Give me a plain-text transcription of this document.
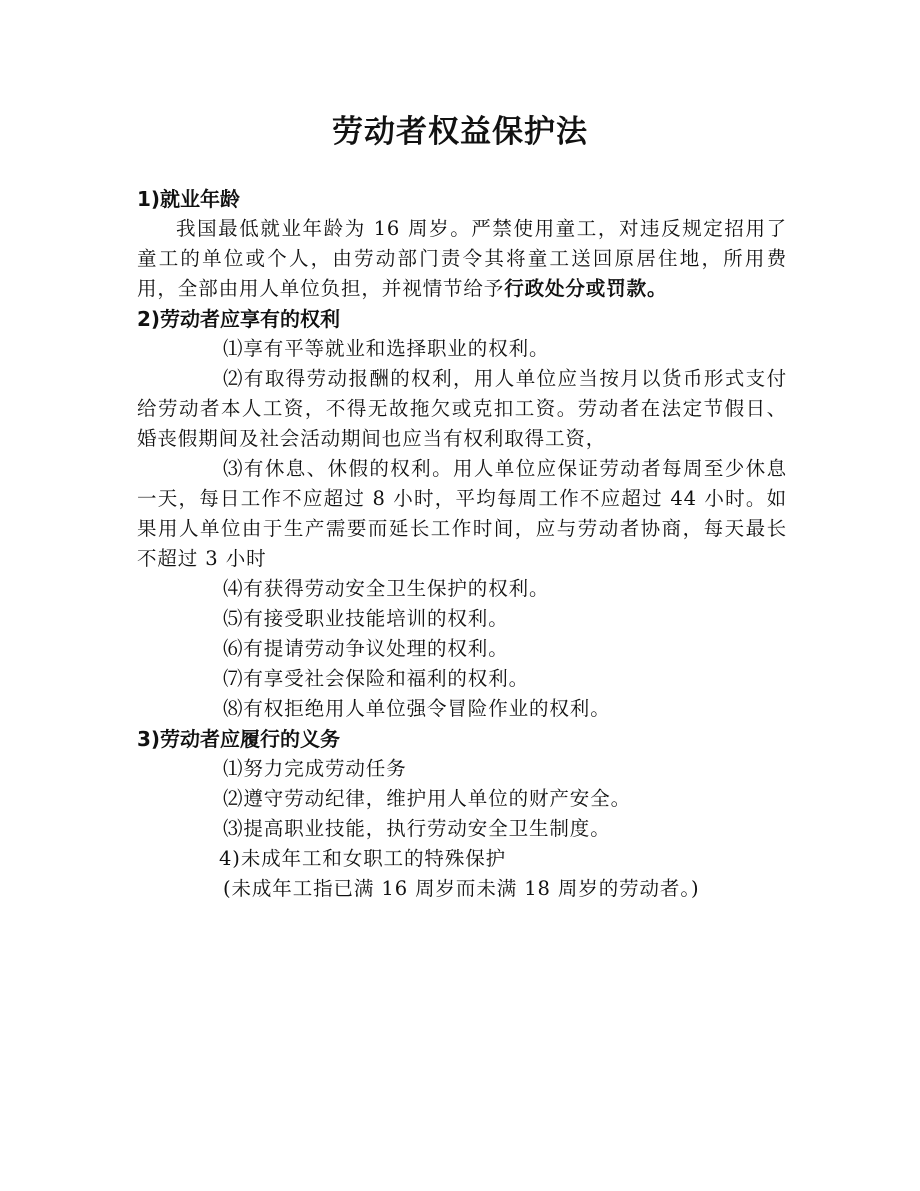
劳动者权益保护法

1)就业年龄

我国最低就业年龄为 16 周岁。严禁使用童工，对违反规定招用了童工的单位或个人，由劳动部门责令其将童工送回原居住地，所用费用，全部由用人单位负担，并视情节给予行政处分或罚款。

2)劳动者应享有的权利

⑴享有平等就业和选择职业的权利。

⑵有取得劳动报酬的权利，用人单位应当按月以货币形式支付给劳动者本人工资，不得无故拖欠或克扣工资。劳动者在法定节假日、婚丧假期间及社会活动期间也应当有权利取得工资，

⑶有休息、休假的权利。用人单位应保证劳动者每周至少休息一天，每日工作不应超过 8 小时，平均每周工作不应超过 44 小时。如果用人单位由于生产需要而延长工作时间，应与劳动者协商，每天最长不超过 3 小时

⑷有获得劳动安全卫生保护的权利。

⑸有接受职业技能培训的权利。

⑹有提请劳动争议处理的权利。

⑺有享受社会保险和福利的权利。

⑻有权拒绝用人单位强令冒险作业的权利。

3)劳动者应履行的义务

⑴努力完成劳动任务

⑵遵守劳动纪律，维护用人单位的财产安全。

⑶提高职业技能，执行劳动安全卫生制度。

4)未成年工和女职工的特殊保护

(未成年工指已满 16 周岁而未满 18 周岁的劳动者。)
